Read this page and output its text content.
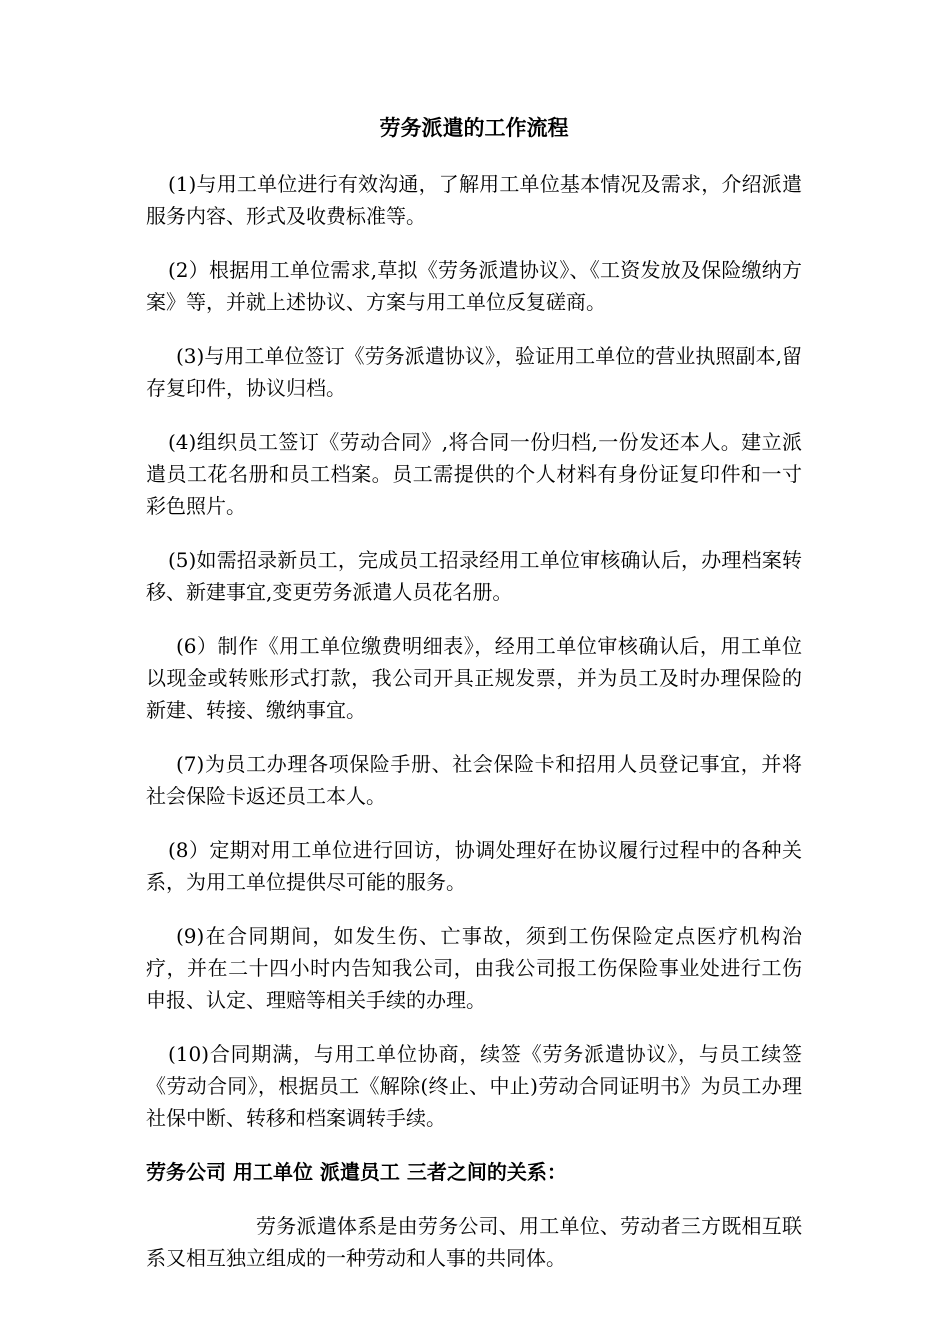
劳务派遣的工作流程

(1)与用工单位进行有效沟通，了解用工单位基本情况及需求，介绍派遣服务内容、形式及收费标准等。

(2）根据用工单位需求,草拟《劳务派遣协议》、《工资发放及保险缴纳方案》等，并就上述协议、方案与用工单位反复磋商。

(3)与用工单位签订《劳务派遣协议》，验证用工单位的营业执照副本,留存复印件，协议归档。

(4)组织员工签订《劳动合同》,将合同一份归档,一份发还本人。建立派遣员工花名册和员工档案。员工需提供的个人材料有身份证复印件和一寸彩色照片。

(5)如需招录新员工，完成员工招录经用工单位审核确认后，办理档案转移、新建事宜,变更劳务派遣人员花名册。

(6）制作《用工单位缴费明细表》，经用工单位审核确认后，用工单位以现金或转账形式打款，我公司开具正规发票，并为员工及时办理保险的新建、转接、缴纳事宜。

(7)为员工办理各项保险手册、社会保险卡和招用人员登记事宜，并将社会保险卡返还员工本人。

(8）定期对用工单位进行回访，协调处理好在协议履行过程中的各种关系，为用工单位提供尽可能的服务。

(9)在合同期间，如发生伤、亡事故，须到工伤保险定点医疗机构治疗，并在二十四小时内告知我公司，由我公司报工伤保险事业处进行工伤申报、认定、理赔等相关手续的办理。

(10)合同期满，与用工单位协商，续签《劳务派遣协议》，与员工续签《劳动合同》，根据员工《解除(终止、中止)劳动合同证明书》为员工办理社保中断、转移和档案调转手续。

劳务公司 用工单位 派遣员工 三者之间的关系：

劳务派遣体系是由劳务公司、用工单位、劳动者三方既相互联系又相互独立组成的一种劳动和人事的共同体。
